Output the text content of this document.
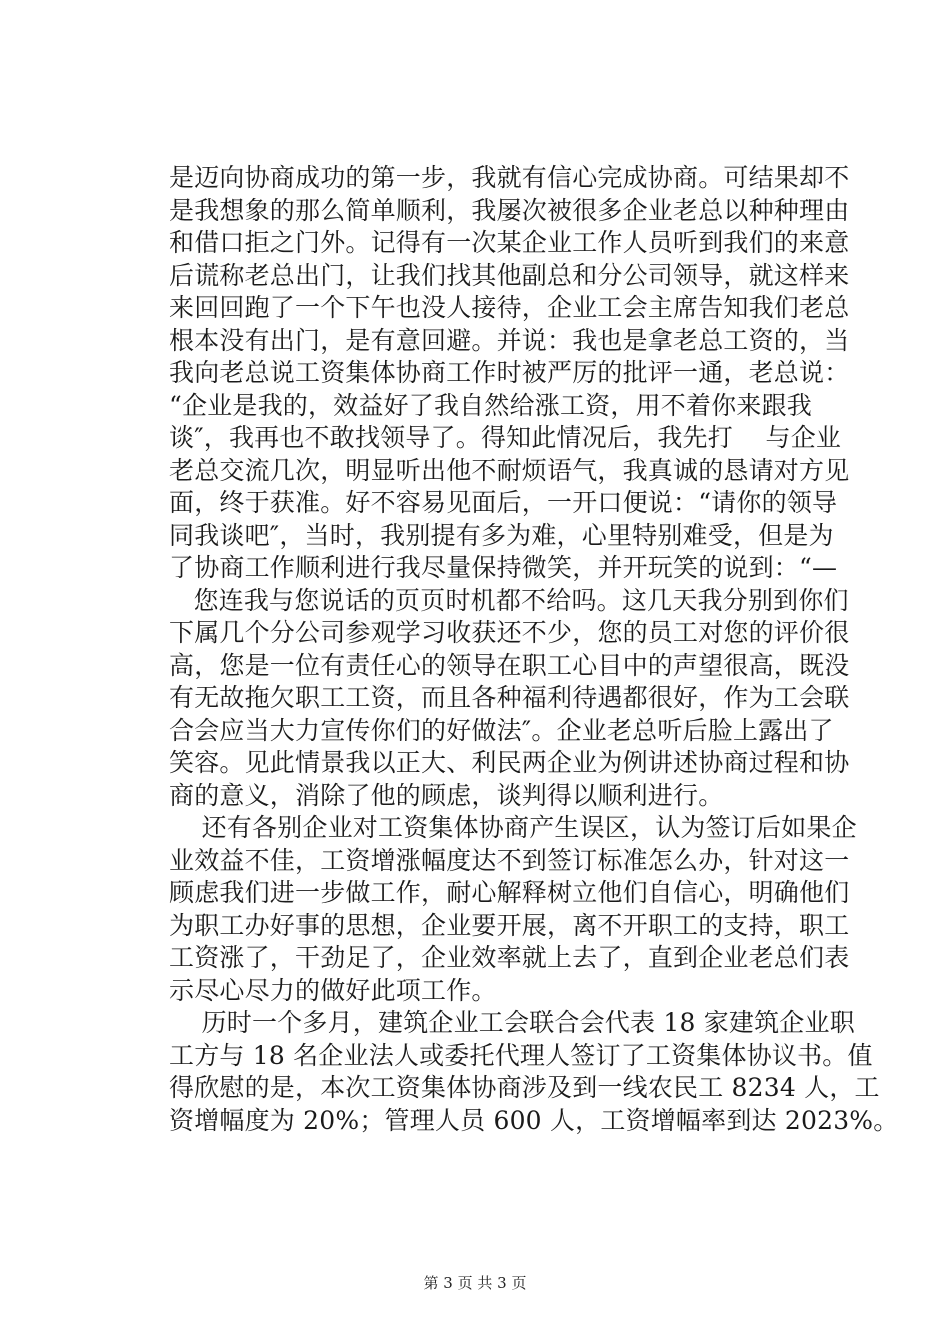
是迈向协商成功的第一步，我就有信心完成协商。可结果却不
是我想象的那么简单顺利，我屡次被很多企业老总以种种理由
和借口拒之门外。记得有一次某企业工作人员听到我们的来意
后谎称老总出门，让我们找其他副总和分公司领导，就这样来
来回回跑了一个下午也没人接待，企业工会主席告知我们老总
根本没有出门，是有意回避。并说：我也是拿老总工资的，当
我向老总说工资集体协商工作时被严厉的批评一通，老总说：
“企业是我的，效益好了我自然给涨工资，用不着你来跟我
谈″，我再也不敢找领导了。得知此情况后，我先打    与企业
老总交流几次，明显听出他不耐烦语气，我真诚的恳请对方见
面，终于获准。好不容易见面后，一开口便说：“请你的领导
同我谈吧″，当时，我别提有多为难，心里特别难受，但是为
了协商工作顺利进行我尽量保持微笑，并开玩笑的说到：“—
您连我与您说话的页页时机都不给吗。这几天我分别到你们
下属几个分公司参观学习收获还不少，您的员工对您的评价很
高，您是一位有责任心的领导在职工心目中的声望很高，既没
有无故拖欠职工工资，而且各种福利待遇都很好，作为工会联
合会应当大力宣传你们的好做法″。企业老总听后脸上露出了
笑容。见此情景我以正大、利民两企业为例讲述协商过程和协
商的意义，消除了他的顾虑，谈判得以顺利进行。
还有各别企业对工资集体协商产生误区，认为签订后如果企
业效益不佳，工资增涨幅度达不到签订标准怎么办，针对这一
顾虑我们进一步做工作，耐心解释树立他们自信心，明确他们
为职工办好事的思想，企业要开展，离不开职工的支持，职工
工资涨了，干劲足了，企业效率就上去了，直到企业老总们表
示尽心尽力的做好此项工作。
历时一个多月，建筑企业工会联合会代表 18 家建筑企业职
工方与 18 名企业法人或委托代理人签订了工资集体协议书。值
得欣慰的是，本次工资集体协商涉及到一线农民工 8234 人，工
资增幅度为 20%；管理人员 600 人，工资增幅率到达 2023%。
第 3 页 共 3 页
